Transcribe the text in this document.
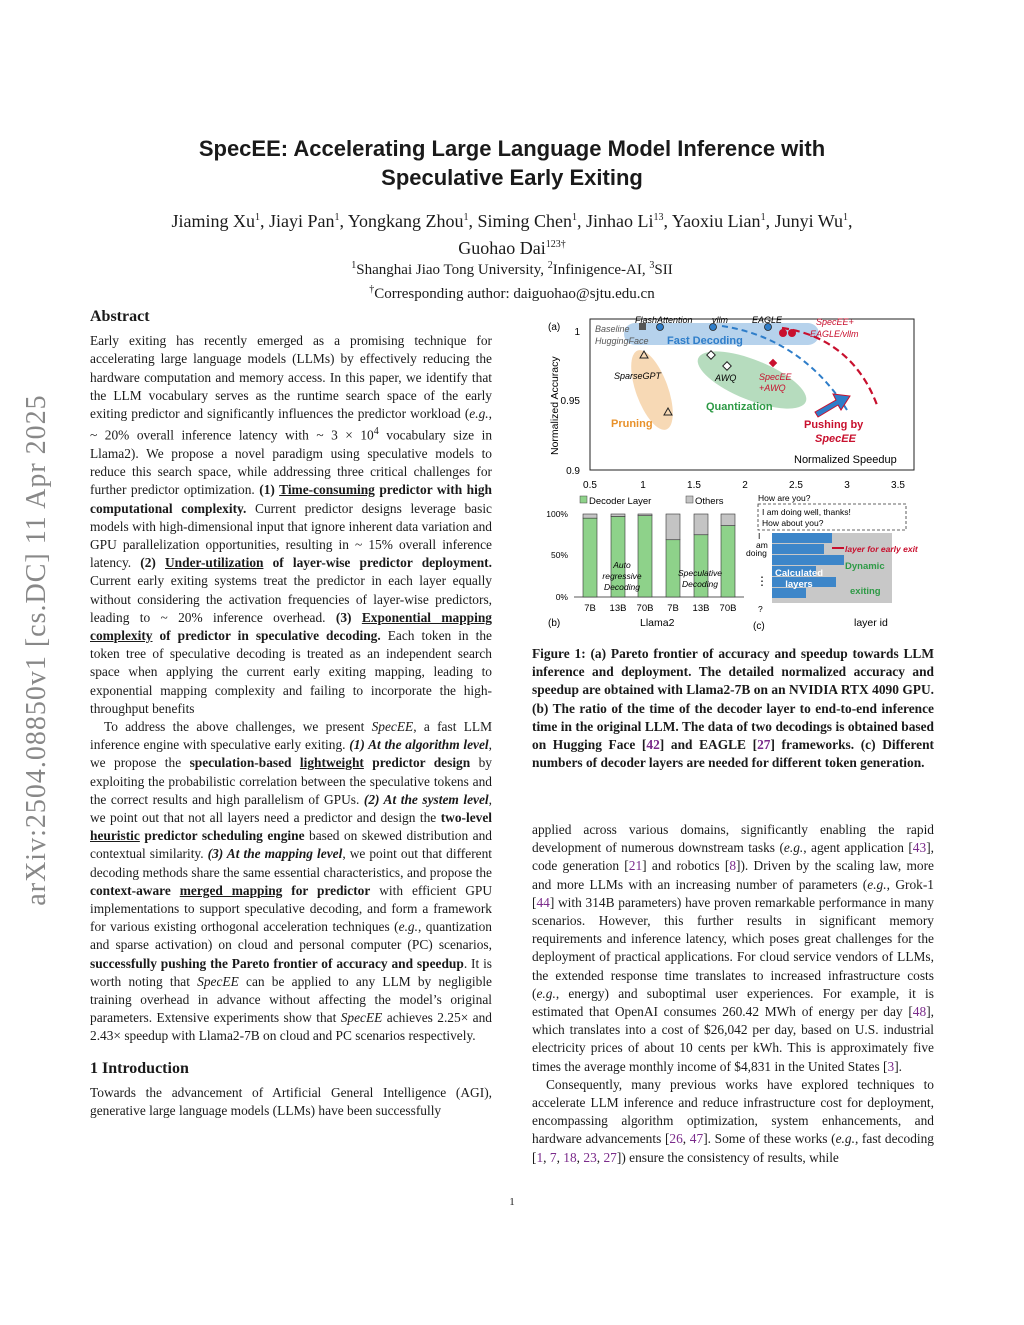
arXiv:2504.08850v1 [cs.DC] 11 Apr 2025
SpecEE: Accelerating Large Language Model Inference with
Speculative Early Exiting
Jiaming Xu$^1$, Jiayi Pan$^1$, Yongkang Zhou$^1$, Siming Chen$^1$, Jinhao Li$^{13}$, Yaoxiu Lian$^1$, Junyi Wu$^1$,
Guohao Dai$^{123\dagger}$
$^1$Shanghai Jiao Tong University, $^2$Infinigence-AI, $^3$SII
†Corresponding author: daiguohao@sjtu.edu.cn
Abstract

Early exiting has recently emerged as a promising technique for accelerating large language models (LLMs) by effectively reducing the hardware computation and memory access. In this paper, we identify that the LLM vocabulary serves as the runtime search space of the early exiting predictor and significantly influences the predictor workload (e.g., ~ 20% overall inference latency with ~ $3 \times 10^4$ vocabulary size in Llama2). We propose a novel paradigm using speculative models to reduce this search space, while addressing three critical challenges for further predictor optimization. (1) Time-consuming predictor with high computational complexity. Current predictor designs leverage basic models with high-dimensional input that ignore inherent data variation and GPU parallelization opportunities, resulting in ~ 15% overall inference latency. (2) Under-utilization of layer-wise predictor deployment. Current early exiting systems treat the predictor in each layer equally without considering the activation frequencies of layer-wise predictors, leading to ~ 20% inference overhead. (3) Exponential mapping complexity of predictor in speculative decoding. Each token in the token tree of speculative decoding is treated as an independent search space when applying the current early exiting mapping, leading to exponential mapping complexity and failing to incorporate the high-throughput benefits

To address the above challenges, we present SpecEE, a fast LLM inference engine with speculative early exiting. (1) At the algorithm level, we propose the speculation-based lightweight predictor design by exploiting the probabilistic correlation between the speculative tokens and the correct results and high parallelism of GPUs. (2) At the system level, we point out that not all layers need a predictor and design the two-level heuristic predictor scheduling engine based on skewed distribution and contextual similarity. (3) At the mapping level, we point out that different decoding methods share the same essential characteristics, and propose the context-aware merged mapping for predictor with efficient GPU implementations to support speculative decoding, and form a framework for various existing orthogonal acceleration techniques (e.g., quantization and sparse activation) on cloud and personal computer (PC) scenarios, successfully pushing the Pareto frontier of accuracy and speedup. It is worth noting that SpecEE can be applied to any LLM by negligible training overhead in advance without affecting the model’s original parameters. Extensive experiments show that SpecEE achieves 2.25× and 2.43× speedup with Llama2-7B on cloud and PC scenarios respectively.

1 Introduction

Towards the advancement of Artificial General Intelligence (AGI), generative large language models (LLMs) have been successfully

(a)
Normalized Accuracy
1
0.95
0.9
0.5	1	1.5	2	2.5	3	3.5
Baseline
HuggingFace
FlashAttention vllm	EAGLE	SpecEE+
EAGLE/vllm
Fast Decoding
SparseGPT	AWQ	SpecEE
+AWQ
Quantization
Pruning	Pushing by
SpecEE
Normalized Speedup
Decoder Layer	Others
100%
50%
0%
7B 13B 70B 7B 13B 70B
Auto
regressive
Decoding
Speculative
Decoding
(b)	Llama2
How are you?
I am doing well, thanks!
How about you?
I
am
doing
⋮
?
Calculated
layers
layer for early exit
Dynamic
exiting
(c)	layer id
Figure 1: (a) Pareto frontier of accuracy and speedup towards LLM inference and deployment. The detailed normalized accuracy and speedup are obtained with Llama2-7B on an NVIDIA RTX 4090 GPU. (b) The ratio of the time of the decoder layer to end-to-end inference time in the original LLM. The data of two decodings is obtained based on Hugging Face [42] and EAGLE [27] frameworks. (c) Different numbers of decoder layers are needed for different token generation.

applied across various domains, significantly enabling the rapid development of numerous downstream tasks (e.g., agent application [43], code generation [21] and robotics [8]). Driven by the scaling law, more and more LLMs with an increasing number of parameters (e.g., Grok-1 [44] with 314B parameters) have proven remarkable performance in many scenarios. However, this further results in significant memory requirements and inference latency, which poses great challenges for the deployment of practical applications. For cloud service vendors of LLMs, the extended response time translates to increased infrastructure costs (e.g., energy) and suboptimal user experiences. For example, it is estimated that OpenAI consumes 260.42 MWh of energy per day [48], which translates into a cost of $26,042 per day, based on U.S. industrial electricity prices of about 10 cents per kWh. This is approximately five times the average monthly income of $4,831 in the United States [3].

Consequently, many previous works have explored techniques to accelerate LLM inference and reduce infrastructure cost for deployment, encompassing algorithm optimization, system enhancements, and hardware advancements [26, 47]. Some of these works (e.g., fast decoding [1, 7, 18, 23, 27]) ensure the consistency of results, while

1
